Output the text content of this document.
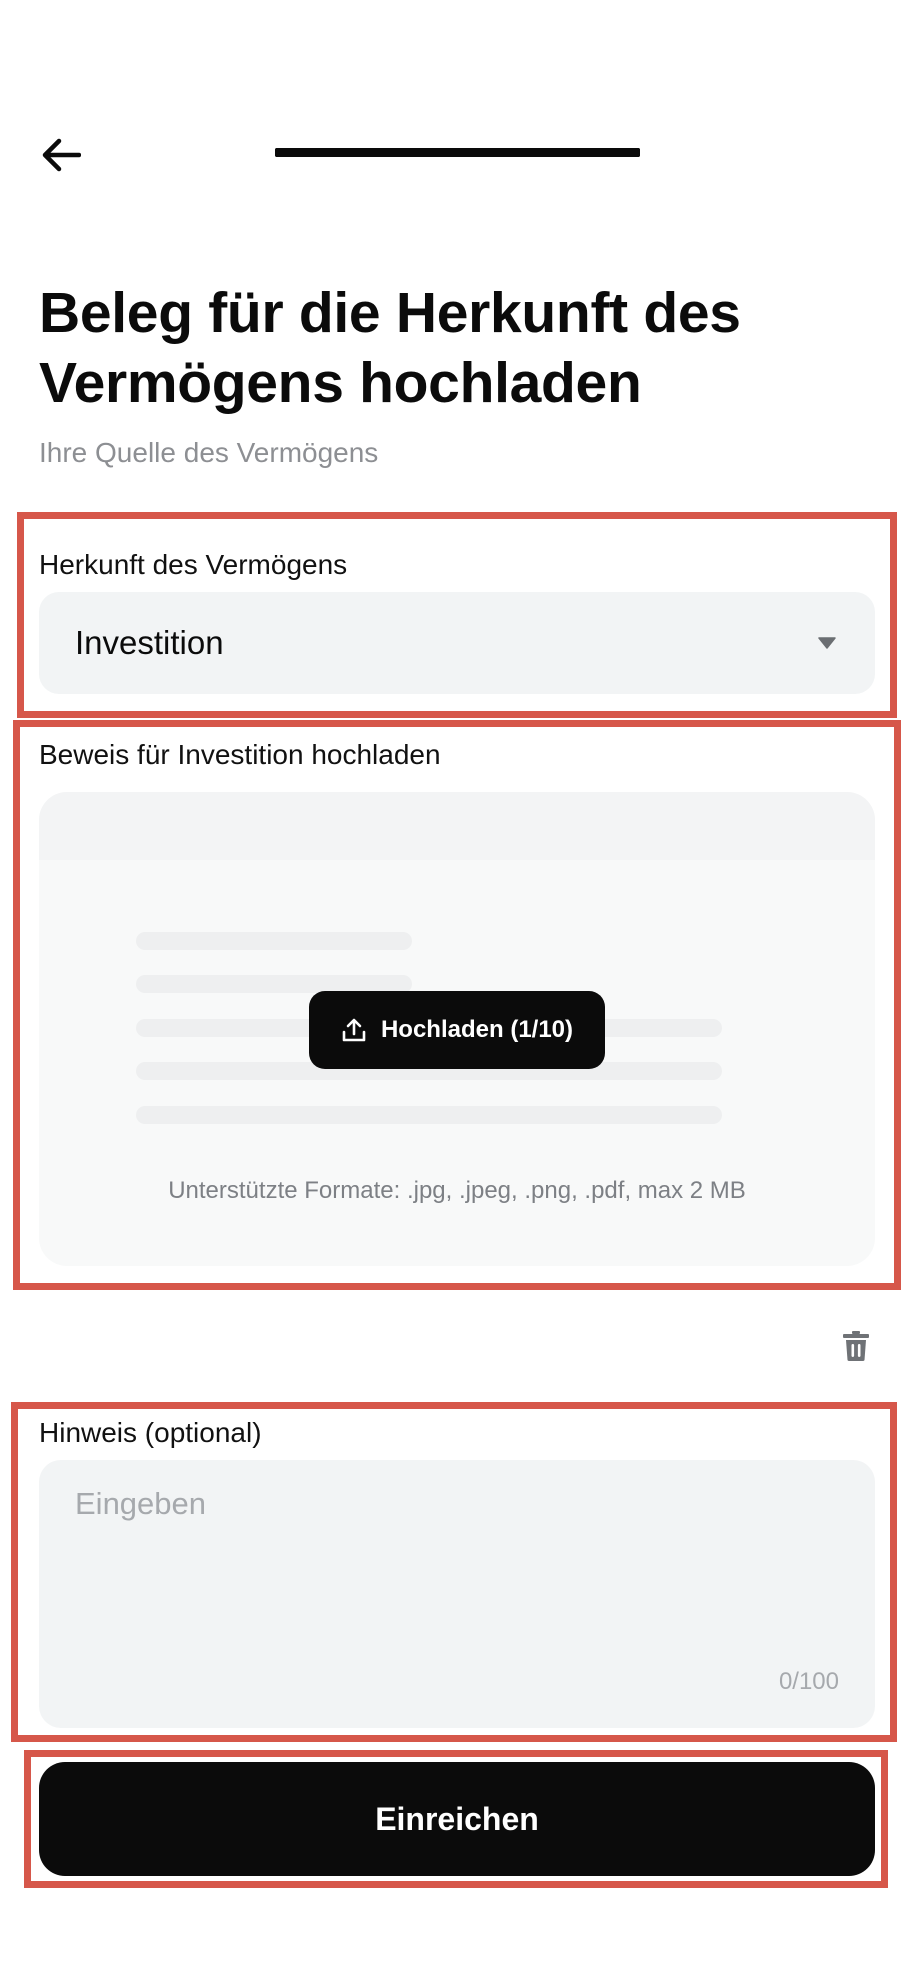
Beleg für die Herkunft des Vermögens hochladen
Ihre Quelle des Vermögens
Herkunft des Vermögens
Investition
Beweis für Investition hochladen
Hochladen (1/10)
Unterstützte Formate: .jpg, .jpeg, .png, .pdf, max 2 MB
Hinweis (optional)
Eingeben
0/100
Einreichen
